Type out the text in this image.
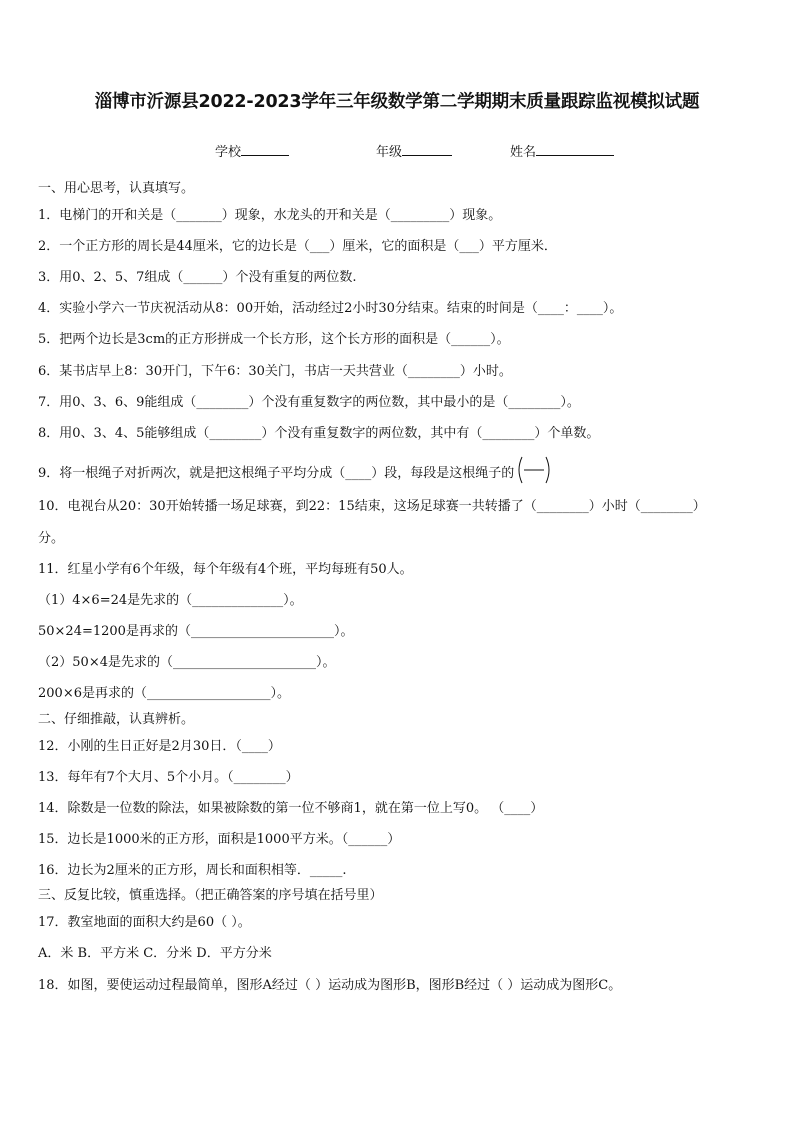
淄博市沂源县2022-2023学年三年级数学第二学期期末质量跟踪监视模拟试题
学校	年级	姓名
一、用心思考，认真填写。
1．电梯门的开和关是（_______）现象，水龙头的开和关是（_________）现象。
2．一个正方形的周长是44厘米，它的边长是（___）厘米，它的面积是（___）平方厘米．
3．用0、2、5、7组成（______）个没有重复的两位数.
4．实验小学六一节庆祝活动从8：00开始，活动经过2小时30分结束。结束的时间是（____：____）。
5．把两个边长是3cm的正方形拼成一个长方形，这个长方形的面积是（______）。
6．某书店早上8：30开门，下午6：30关门，书店一天共营业（________）小时。
7．用0、3、6、9能组成（________）个没有重复数字的两位数，其中最小的是（________）。
8．用0、3、4、5能够组成（________）个没有重复数字的两位数，其中有（________）个单数。
9．将一根绳子对折两次，就是把这根绳子平均分成（____）段，每段是这根绳子的
10．电视台从20：30开始转播一场足球赛，到22：15结束，这场足球赛一共转播了（________）小时（________）
分。
11．红星小学有6个年级，每个年级有4个班，平均每班有50人。
（1）4×6=24是先求的（______________）。
50×24=1200是再求的（______________________）。
（2）50×4是先求的（______________________）。
200×6是再求的（___________________）。
二、仔细推敲，认真辨析。
12．小刚的生日正好是2月30日．（____）
13．每年有7个大月、5个小月。（________）
14．除数是一位数的除法，如果被除数的第一位不够商1，就在第一位上写0。 （____）
15．边长是1000米的正方形，面积是1000平方米。（______）
16．边长为2厘米的正方形，周长和面积相等．_____.
三、反复比较，慎重选择。（把正确答案的序号填在括号里）
17．教室地面的面积大约是60（ ）。
A．米 B．平方米 C．分米 D．平方分米
18．如图，要使运动过程最简单，图形A经过（ ）运动成为图形B，图形B经过（ ）运动成为图形C。
